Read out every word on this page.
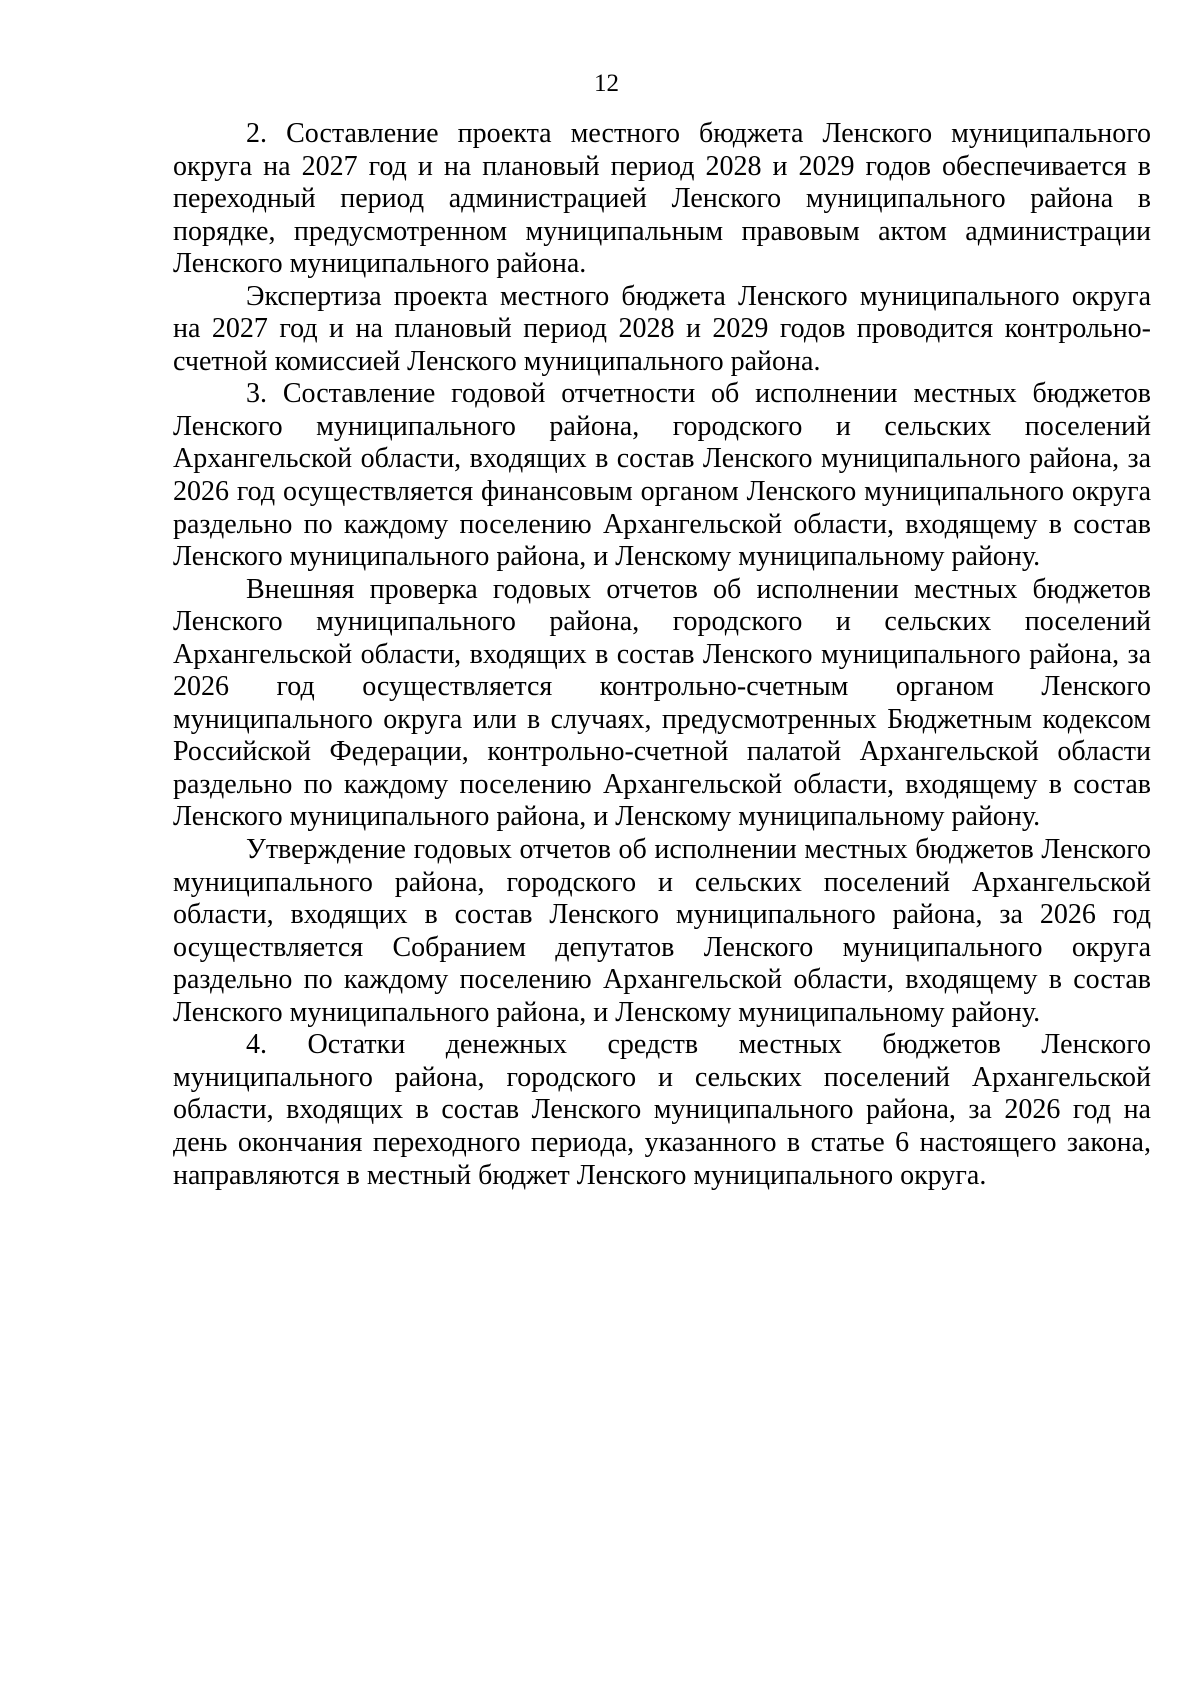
12

2. Составление проекта местного бюджета Ленского муниципального округа на 2027 год и на плановый период 2028 и 2029 годов обеспечивается в переходный период администрацией Ленского муниципального района в порядке, предусмотренном муниципальным правовым актом администрации Ленского муниципального района.

Экспертиза проекта местного бюджета Ленского муниципального округа на 2027 год и на плановый период 2028 и 2029 годов проводится контрольно-счетной комиссией Ленского муниципального района.

3. Составление годовой отчетности об исполнении местных бюджетов Ленского муниципального района, городского и сельских поселений Архангельской области, входящих в состав Ленского муниципального района, за 2026 год осуществляется финансовым органом Ленского муниципального округа раздельно по каждому поселению Архангельской области, входящему в состав Ленского муниципального района, и Ленскому муниципальному району.

Внешняя проверка годовых отчетов об исполнении местных бюджетов Ленского муниципального района, городского и сельских поселений Архангельской области, входящих в состав Ленского муниципального района, за 2026 год осуществляется контрольно-счетным органом Ленского муниципального округа или в случаях, предусмотренных Бюджетным кодексом Российской Федерации, контрольно-счетной палатой Архангельской области раздельно по каждому поселению Архангельской области, входящему в состав Ленского муниципального района, и Ленскому муниципальному району.

Утверждение годовых отчетов об исполнении местных бюджетов Ленского муниципального района, городского и сельских поселений Архангельской области, входящих в состав Ленского муниципального района, за 2026 год осуществляется Собранием депутатов Ленского муниципального округа раздельно по каждому поселению Архангельской области, входящему в состав Ленского муниципального района, и Ленскому муниципальному району.

4. Остатки денежных средств местных бюджетов Ленского муниципального района, городского и сельских поселений Архангельской области, входящих в состав Ленского муниципального района, за 2026 год на день окончания переходного периода, указанного в статье 6 настоящего закона, направляются в местный бюджет Ленского муниципального округа.
